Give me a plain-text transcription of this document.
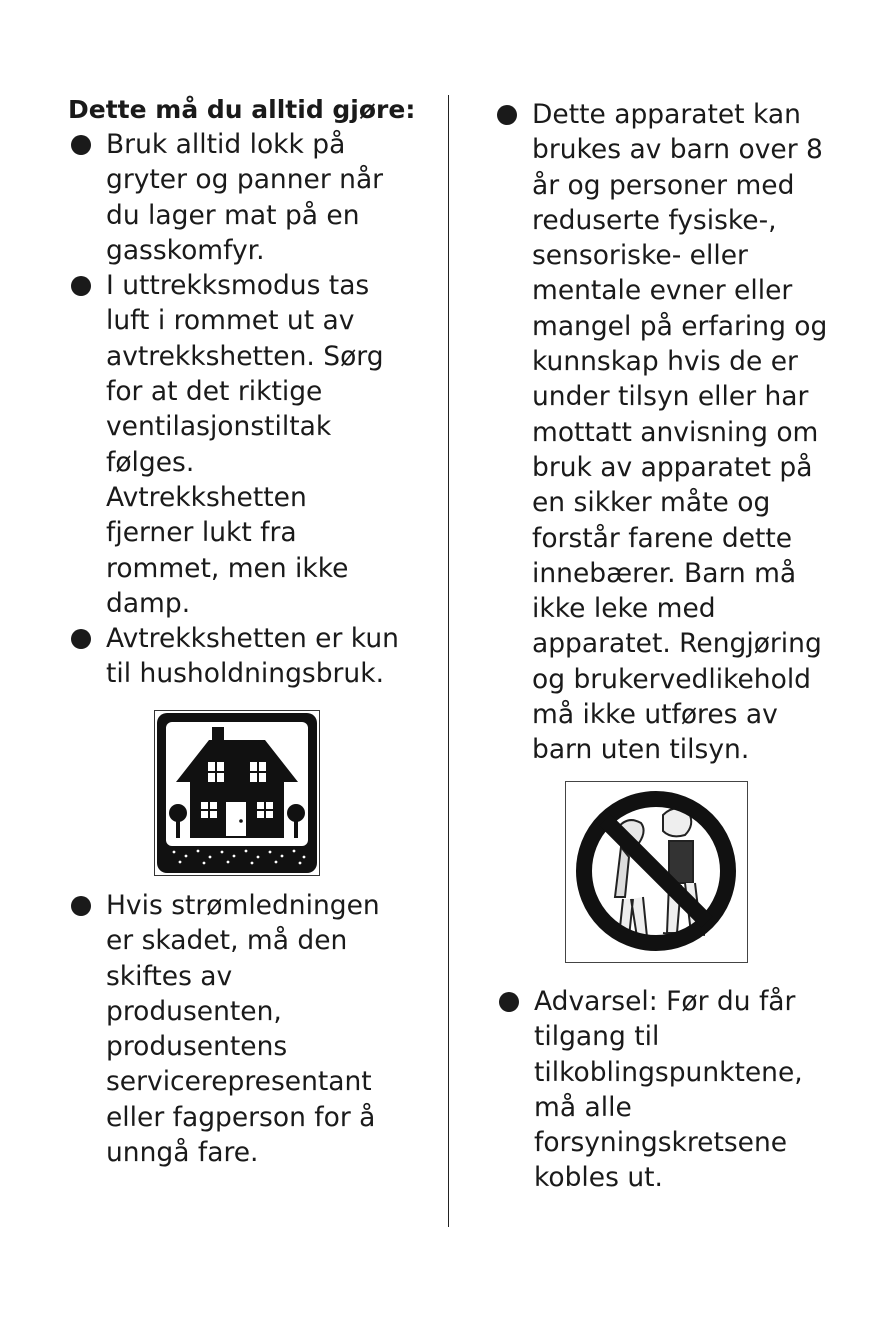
Dette må du alltid gjøre:
Bruk alltid lokk på
gryter og panner når
du lager mat på en
gasskomfyr.
I uttrekksmodus tas
luft i rommet ut av
avtrekkshetten. Sørg
for at det riktige
ventilasjonstiltak
følges.
Avtrekkshetten
fjerner lukt fra
rommet, men ikke
damp.
Avtrekkshetten er kun
til husholdningsbruk.
Hvis strømledningen
er skadet, må den
skiftes av
produsenten,
produsentens
servicerepresentant
eller fagperson for å
unngå fare.
Dette apparatet kan
brukes av barn over 8
år og personer med
reduserte fysiske-,
sensoriske- eller
mentale evner eller
mangel på erfaring og
kunnskap hvis de er
under tilsyn eller har
mottatt anvisning om
bruk av apparatet på
en sikker måte og
forstår farene dette
innebærer. Barn må
ikke leke med
apparatet. Rengjøring
og brukervedlikehold
må ikke utføres av
barn uten tilsyn.
Advarsel: Før du får
tilgang til
tilkoblingspunktene,
må alle
forsyningskretsene
kobles ut.
